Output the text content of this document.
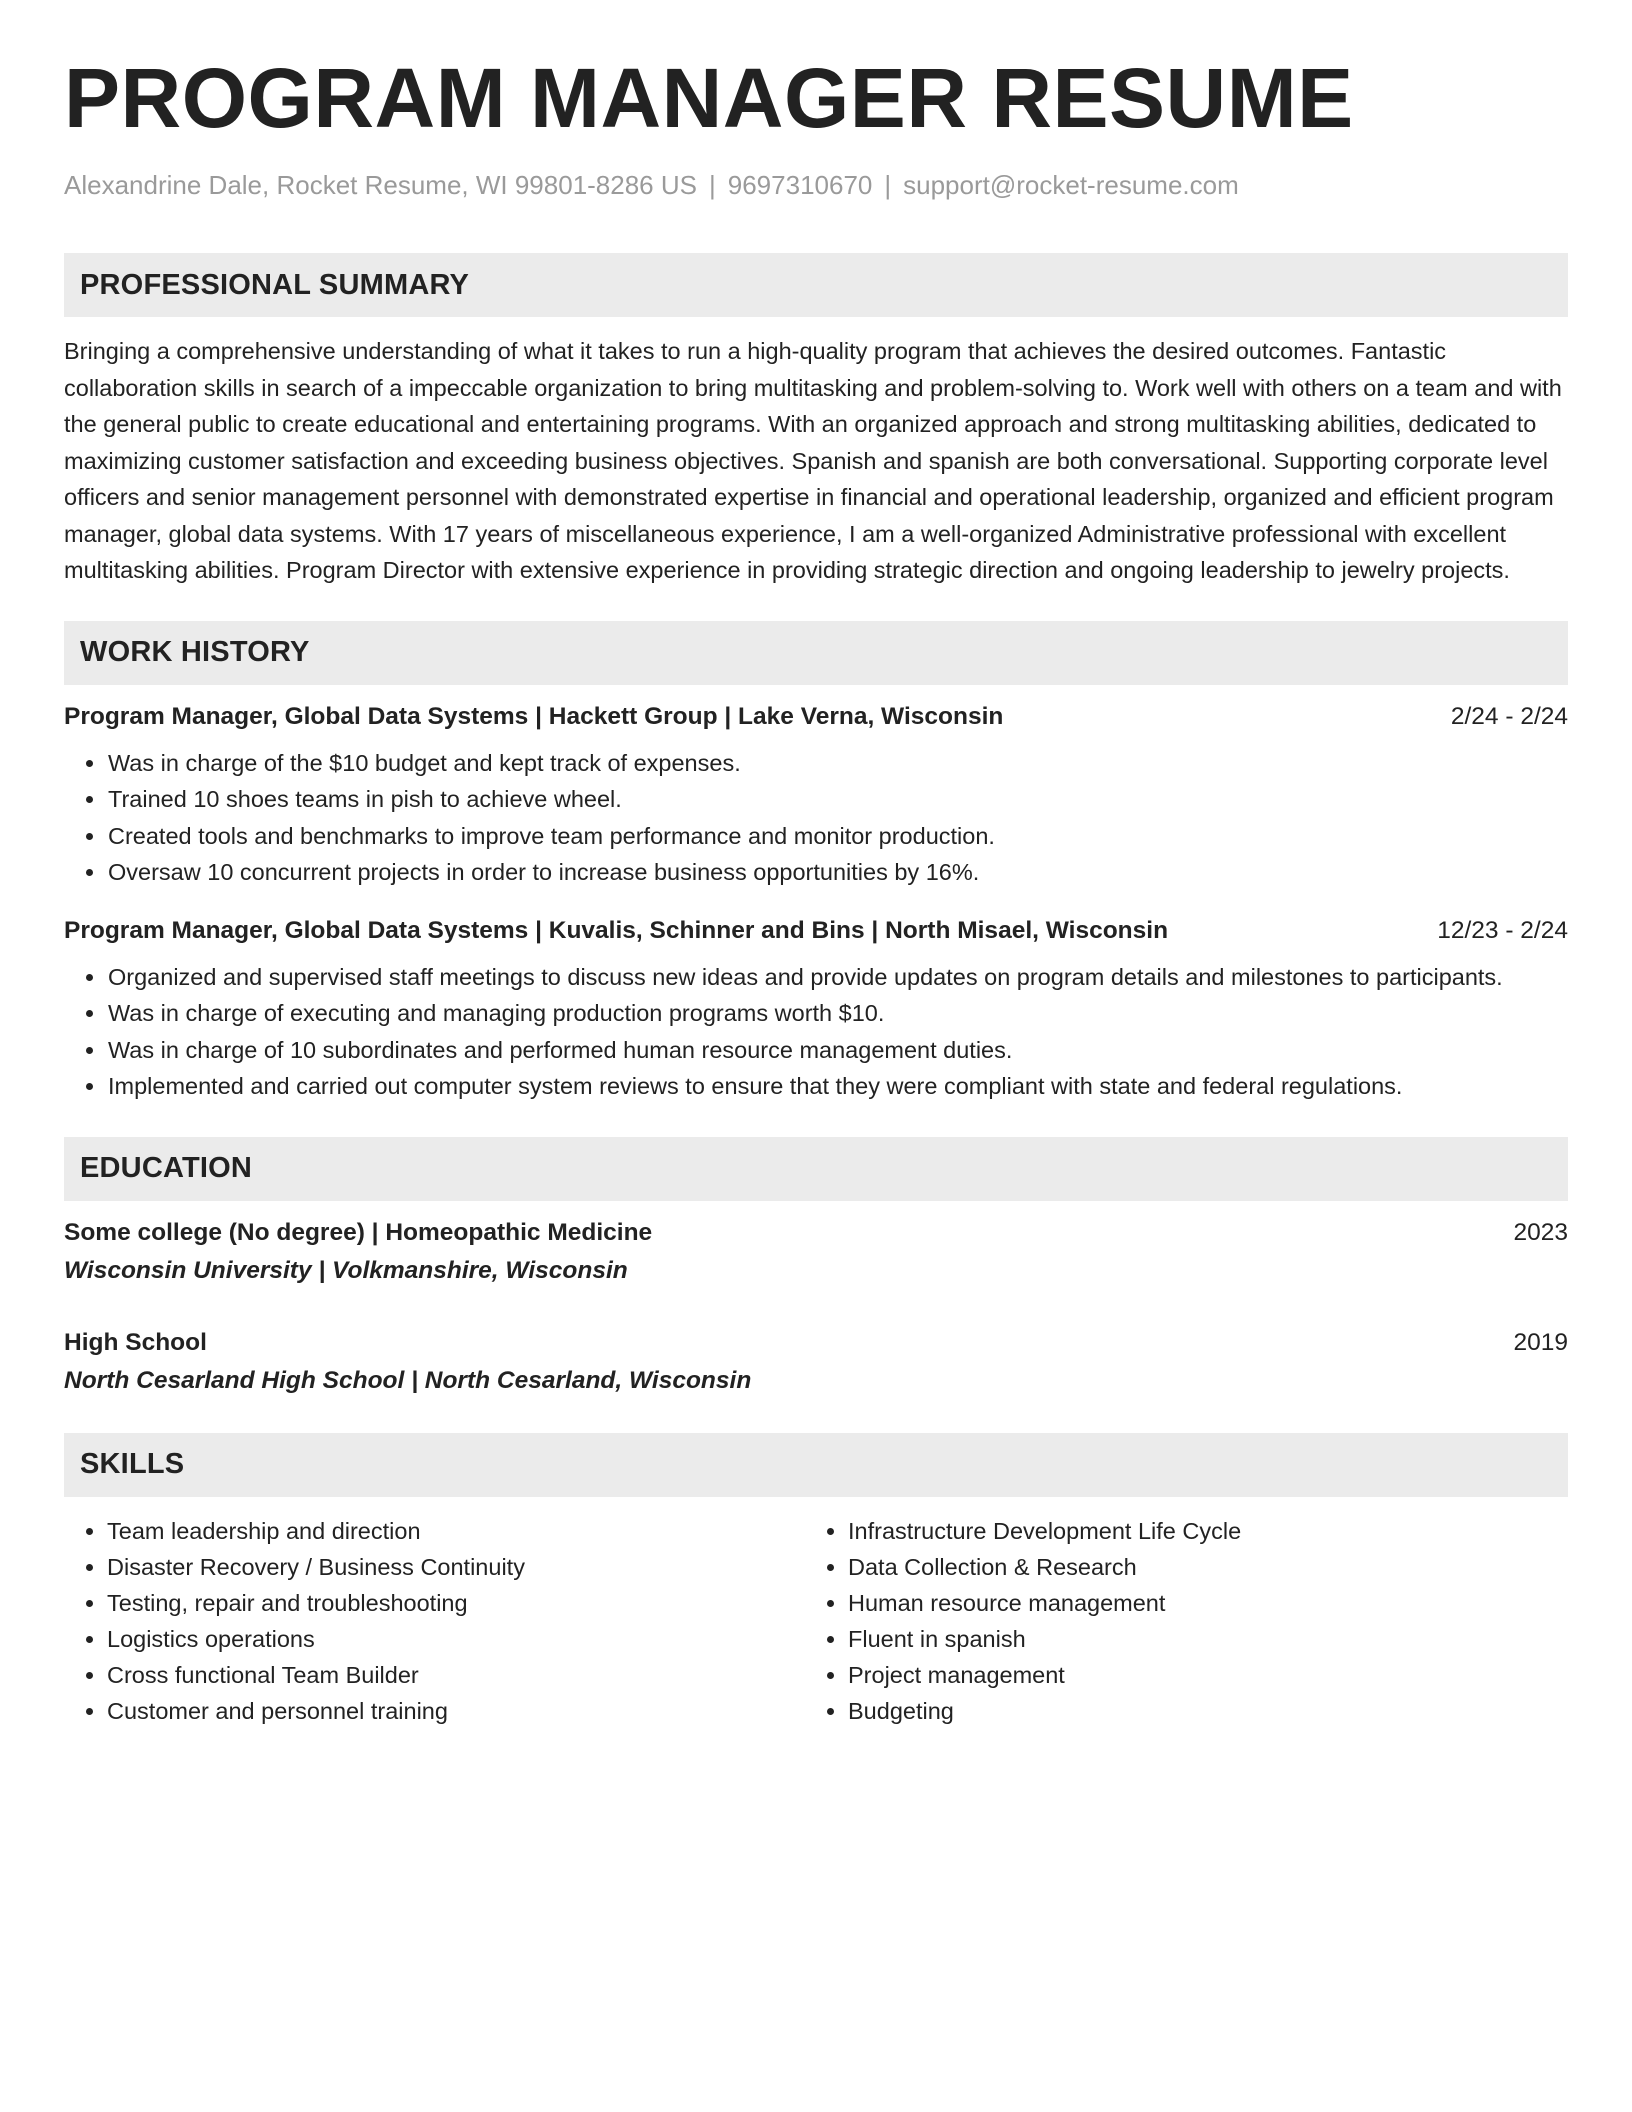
PROGRAM MANAGER RESUME
Alexandrine Dale, Rocket Resume, WI 99801-8286 US | 9697310670 | support@rocket-resume.com
PROFESSIONAL SUMMARY

Bringing a comprehensive understanding of what it takes to run a high-quality program that achieves the desired outcomes. Fantastic collaboration skills in search of a impeccable organization to bring multitasking and problem-solving to. Work well with others on a team and with the general public to create educational and entertaining programs. With an organized approach and strong multitasking abilities, dedicated to maximizing customer satisfaction and exceeding business objectives. Spanish and spanish are both conversational. Supporting corporate level officers and senior management personnel with demonstrated expertise in financial and operational leadership, organized and efficient program manager, global data systems. With 17 years of miscellaneous experience, I am a well-organized Administrative professional with excellent multitasking abilities. Program Director with extensive experience in providing strategic direction and ongoing leadership to jewelry projects.

WORK HISTORY
Program Manager, Global Data Systems | Hackett Group | Lake Verna, Wisconsin	2/24 - 2/24
• Was in charge of the $10 budget and kept track of expenses.
• Trained 10 shoes teams in pish to achieve wheel.
• Created tools and benchmarks to improve team performance and monitor production.
• Oversaw 10 concurrent projects in order to increase business opportunities by 16%.
Program Manager, Global Data Systems | Kuvalis, Schinner and Bins | North Misael, Wisconsin	12/23 - 2/24
• Organized and supervised staff meetings to discuss new ideas and provide updates on program details and milestones to participants.
• Was in charge of executing and managing production programs worth $10.
• Was in charge of 10 subordinates and performed human resource management duties.
• Implemented and carried out computer system reviews to ensure that they were compliant with state and federal regulations.
EDUCATION
Some college (No degree) | Homeopathic Medicine	2023
Wisconsin University | Volkmanshire, Wisconsin
High School	2019
North Cesarland High School | North Cesarland, Wisconsin
SKILLS
• Team leadership and direction
• Disaster Recovery / Business Continuity
• Testing, repair and troubleshooting
• Logistics operations
• Cross functional Team Builder
• Customer and personnel training
• Infrastructure Development Life Cycle
• Data Collection & Research
• Human resource management
• Fluent in spanish
• Project management
• Budgeting
